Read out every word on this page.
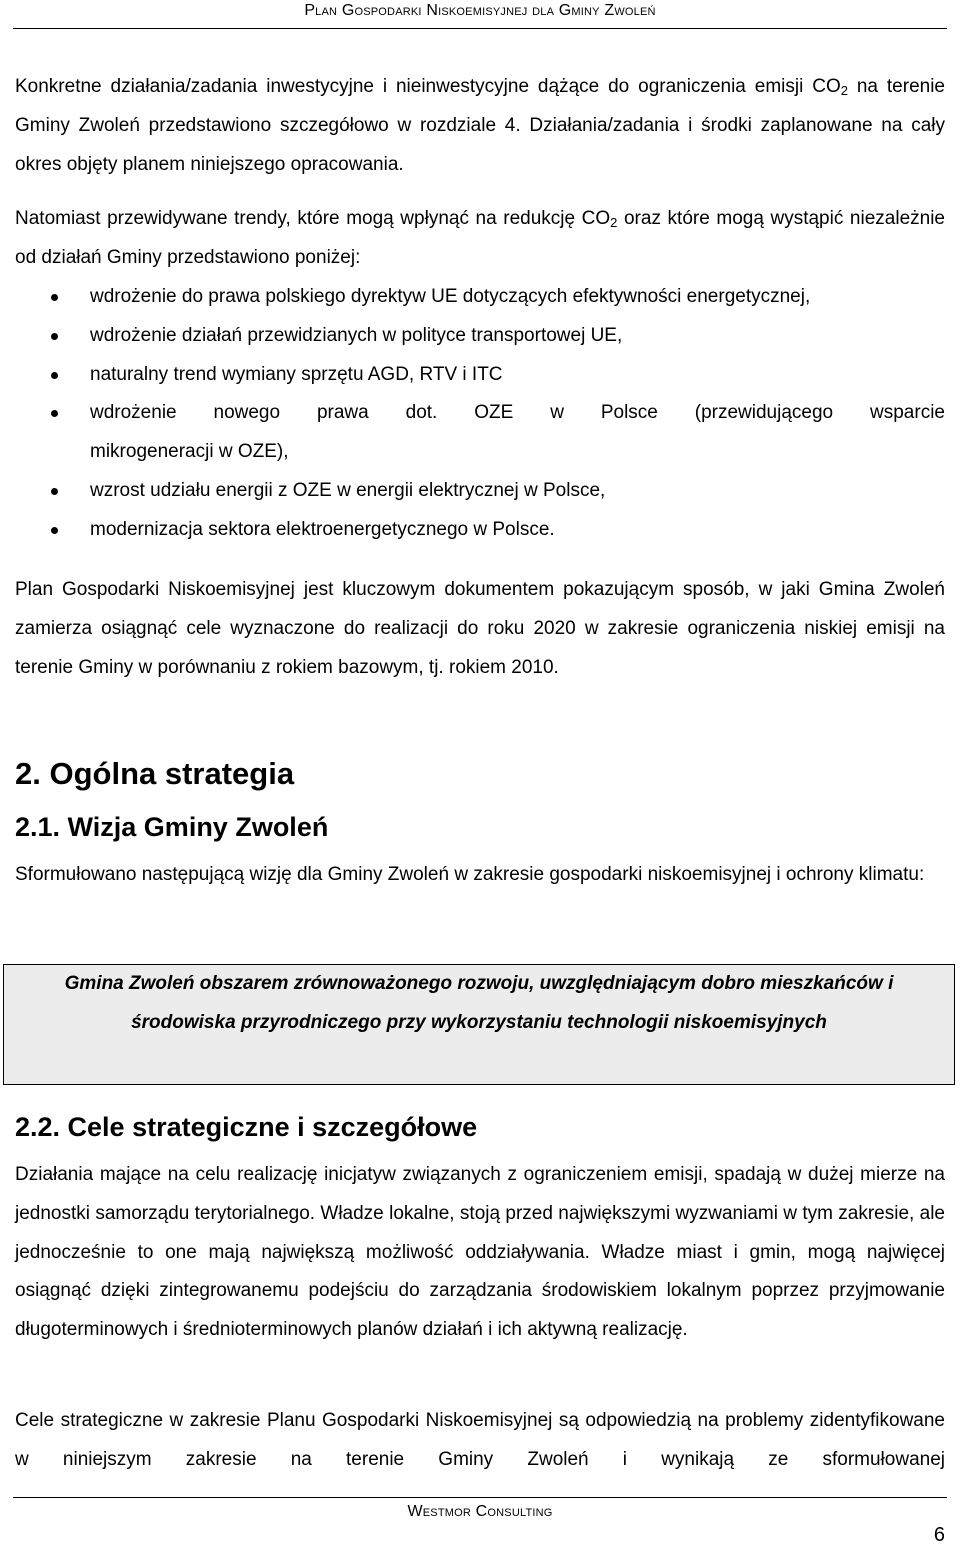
Plan Gospodarki Niskoemisyjnej dla Gminy Zwoleń

Konkretne działania/zadania inwestycyjne i nieinwestycyjne dążące do ograniczenia emisji $CO_2$ na terenie Gminy Zwoleń przedstawiono szczegółowo w rozdziale 4. Działania/zadania i środki zaplanowane na cały okres objęty planem niniejszego opracowania.

Natomiast przewidywane trendy, które mogą wpłynąć na redukcję $CO_2$ oraz które mogą wystąpić niezależnie od działań Gminy przedstawiono poniżej:

wdrożenie do prawa polskiego dyrektyw UE dotyczących efektywności energetycznej,
wdrożenie działań przewidzianych w polityce transportowej UE,
naturalny trend wymiany sprzętu AGD, RTV i ITC
wdrożenie nowego prawa dot. OZE w Polsce (przewidującego wsparcie
mikrogeneracji w OZE),
wzrost udziału energii z OZE w energii elektrycznej w Polsce,
modernizacja sektora elektroenergetycznego w Polsce.

Plan Gospodarki Niskoemisyjnej jest kluczowym dokumentem pokazującym sposób, w jaki Gmina Zwoleń zamierza osiągnąć cele wyznaczone do realizacji do roku 2020 w zakresie ograniczenia niskiej emisji na terenie Gminy w porównaniu z rokiem bazowym, tj. rokiem 2010.

2. Ogólna strategia
2.1. Wizja Gminy Zwoleń

Sformułowano następującą wizję dla Gminy Zwoleń w zakresie gospodarki niskoemisyjnej i ochrony klimatu:

Gmina Zwoleń obszarem zrównoważonego rozwoju, uwzględniającym dobro mieszkańców i środowiska przyrodniczego przy wykorzystaniu technologii niskoemisyjnych

2.2. Cele strategiczne i szczegółowe

Działania mające na celu realizację inicjatyw związanych z ograniczeniem emisji, spadają w dużej mierze na jednostki samorządu terytorialnego. Władze lokalne, stoją przed największymi wyzwaniami w tym zakresie, ale jednocześnie to one mają największą możliwość oddziaływania. Władze miast i gmin, mogą najwięcej osiągnąć dzięki zintegrowanemu podejściu do zarządzania środowiskiem lokalnym poprzez przyjmowanie długoterminowych i średnioterminowych planów działań i ich aktywną realizację.

Cele strategiczne w zakresie Planu Gospodarki Niskoemisyjnej są odpowiedzią na problemy zidentyfikowane w niniejszym zakresie na terenie Gminy Zwoleń i wynikają ze sformułowanej

Westmor Consulting
6
